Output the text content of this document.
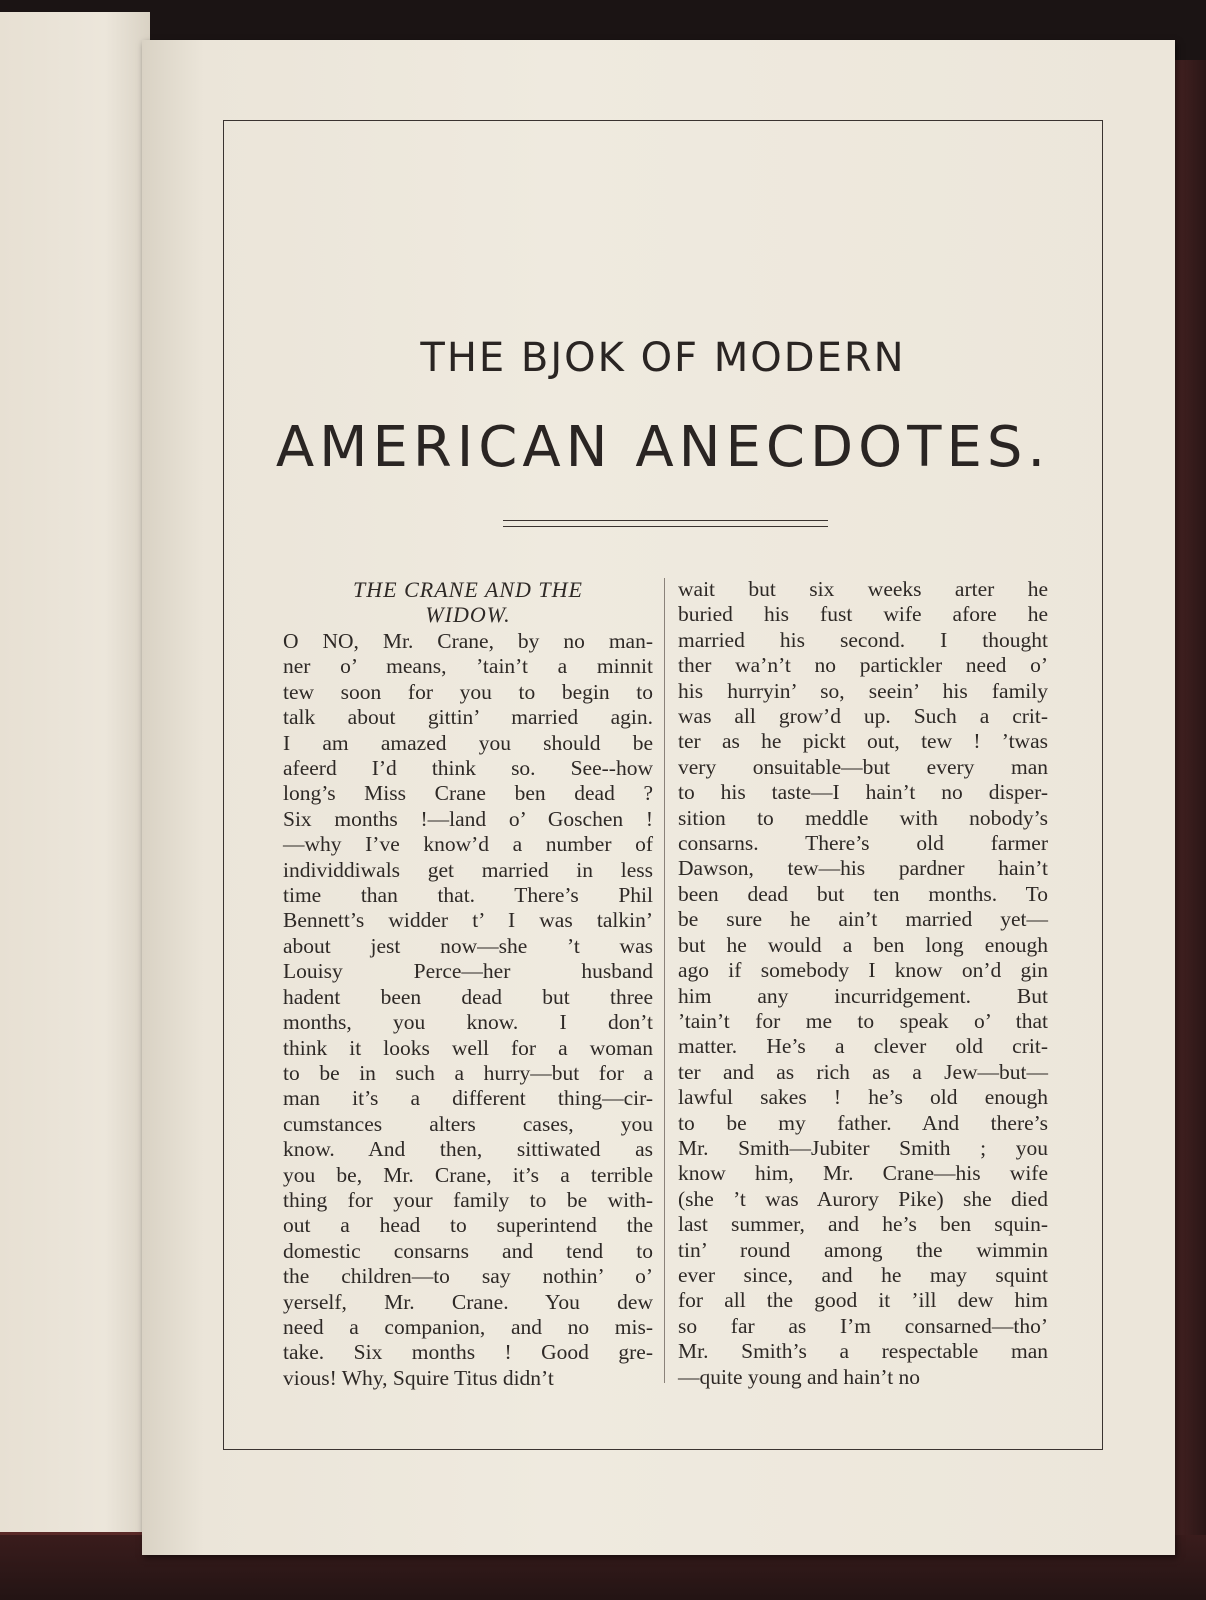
THE BJOK OF MODERN
AMERICAN ANECDOTES.
THE CRANE AND THE
WIDOW.
O NO, Mr. Crane, by no man-
ner o’ means, ’tain’t a minnit
tew soon for you to begin to
talk about gittin’ married agin.
I am amazed you should be
afeerd I’d think so. See--how
long’s Miss Crane ben dead ?
Six months !—land o’ Goschen !
—why I’ve know’d a number of
individdiwals get married in less
time than that. There’s Phil
Bennett’s widder t’ I was talkin’
about jest now—she ’t was
Louisy Perce—her husband
hadent been dead but three
months, you know. I don’t
think it looks well for a woman
to be in such a hurry—but for a
man it’s a different thing—cir-
cumstances alters cases, you
know. And then, sittiwated as
you be, Mr. Crane, it’s a terrible
thing for your family to be with-
out a head to superintend the
domestic consarns and tend to
the children—to say nothin’ o’
yerself, Mr. Crane. You dew
need a companion, and no mis-
take. Six months ! Good gre-
vious! Why, Squire Titus didn’t
wait but six weeks arter he
buried his fust wife afore he
married his second. I thought
ther wa’n’t no partickler need o’
his hurryin’ so, seein’ his family
was all grow’d up. Such a crit-
ter as he pickt out, tew ! ’twas
very onsuitable—but every man
to his taste—I hain’t no disper-
sition to meddle with nobody’s
consarns. There’s old farmer
Dawson, tew—his pardner hain’t
been dead but ten months. To
be sure he ain’t married yet—
but he would a ben long enough
ago if somebody I know on’d gin
him any incurridgement. But
’tain’t for me to speak o’ that
matter. He’s a clever old crit-
ter and as rich as a Jew—but—
lawful sakes ! he’s old enough
to be my father. And there’s
Mr. Smith—Jubiter Smith ; you
know him, Mr. Crane—his wife
(she ’t was Aurory Pike) she died
last summer, and he’s ben squin-
tin’ round among the wimmin
ever since, and he may squint
for all the good it ’ill dew him
so far as I’m consarned—tho’
Mr. Smith’s a respectable man
—quite young and hain’t no
